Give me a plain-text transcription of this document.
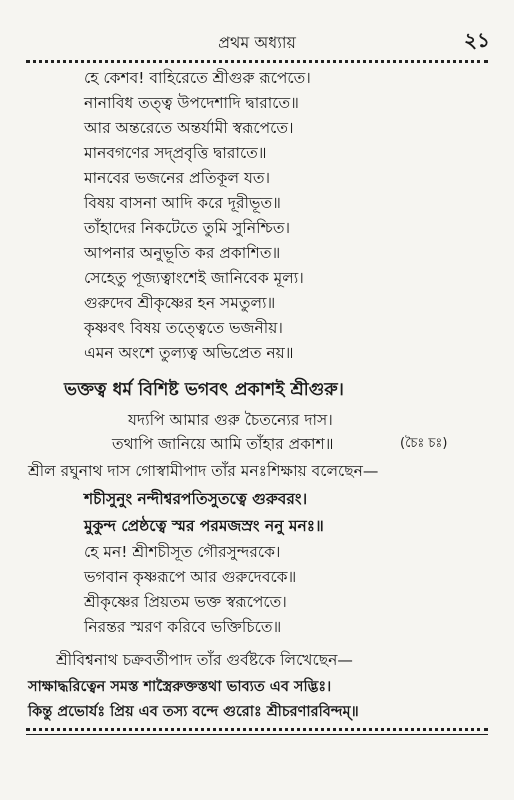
প্রথম অধ্যায়	২১
হে কেশব! বাহিরেতে শ্রীগুরু রূপেতে।
নানাবিধ তত্ত্ব উপদেশাদি দ্বারাতে॥
আর অন্তরেতে অন্তর্যামী স্বরূপেতে।
মানবগণের সদ্প্রবৃত্তি দ্বারাতে॥
মানবের ভজনের প্রতিকূল যত।
বিষয় বাসনা আদি করে দূরীভূত॥
তাঁহাদের নিকটেতে তুমি সুনিশ্চিত।
আপনার অনুভূতি কর প্রকাশিত॥
সেহেতু পূজ্যত্বাংশেই জানিবেক মূল্য।
গুরুদেব শ্রীকৃষ্ণের হন সমতুল্য॥
কৃষ্ণবৎ বিষয় তত্ত্বেতে ভজনীয়।
এমন অংশে তুল্যত্ব অভিপ্রেত নয়॥
ভক্তত্ব ধর্ম বিশিষ্ট ভগবৎ প্রকাশই শ্রীগুরু।
যদ্যপি আমার গুরু চৈতন্যের দাস।
তথাপি জানিয়ে আমি তাঁহার প্রকাশ॥	(চৈঃ চঃ)
শ্রীল রঘুনাথ দাস গোস্বামীপাদ তাঁর মনঃশিক্ষায় বলেছেন—
শচীসুনুং নন্দীশ্বরপতিসুতত্বে গুরুবরং।
মুকুন্দ প্রেষ্ঠত্বে স্মর পরমজস্রং ননু মনঃ॥
হে মন! শ্রীশচীসূত গৌরসুন্দরকে।
ভগবান কৃষ্ণরূপে আর গুরুদেবকে॥
শ্রীকৃষ্ণের প্রিয়তম ভক্ত স্বরূপেতে।
নিরন্তর স্মরণ করিবে ভক্তিচিতে॥
শ্রীবিশ্বনাথ চক্রবর্তীপাদ তাঁর গুর্বষ্টকে লিখেছেন—
সাক্ষাদ্ধরিত্বেন সমস্ত শাস্ত্রৈরুক্তস্তথা ভাব্যত এব সদ্ভিঃ।
কিন্তু প্রভোর্যঃ প্রিয় এব তস্য বন্দে গুরোঃ শ্রীচরণারবিন্দম্॥
